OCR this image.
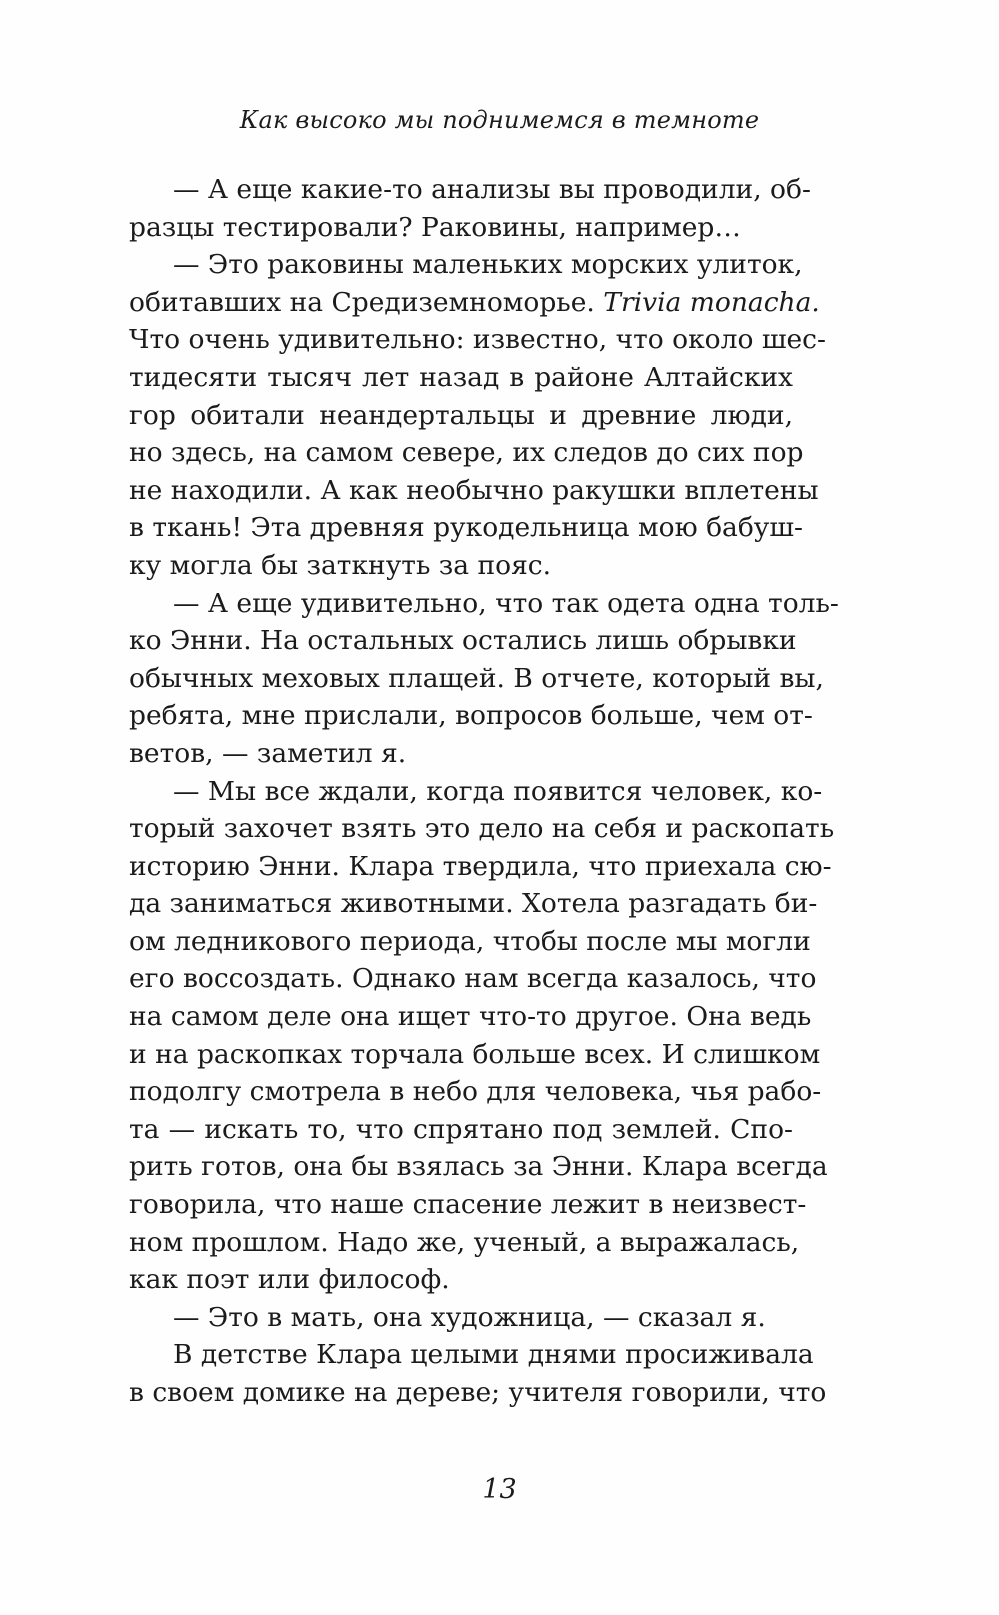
Как высоко мы поднимемся в темноте
— А еще какие-то анализы вы проводили, об-
разцы тестировали? Раковины, например…
— Это раковины маленьких морских улиток,
обитавших на Средиземноморье. Trivia monacha.
Что очень удивительно: известно, что около шес-
тидесяти тысяч лет назад в районе Алтайских
гор обитали неандертальцы и древние люди,
но здесь, на самом севере, их следов до сих пор
не находили. А как необычно ракушки вплетены
в ткань! Эта древняя рукодельница мою бабуш-
ку могла бы заткнуть за пояс.
— А еще удивительно, что так одета одна толь-
ко Энни. На остальных остались лишь обрывки
обычных меховых плащей. В отчете, который вы,
ребята, мне прислали, вопросов больше, чем от-
ветов, — заметил я.
— Мы все ждали, когда появится человек, ко-
торый захочет взять это дело на себя и раскопать
историю Энни. Клара твердила, что приехала сю-
да заниматься животными. Хотела разгадать би-
ом ледникового периода, чтобы после мы могли
его воссоздать. Однако нам всегда казалось, что
на самом деле она ищет что-то другое. Она ведь
и на раскопках торчала больше всех. И слишком
подолгу смотрела в небо для человека, чья рабо-
та — искать то, что спрятано под землей. Спо-
рить готов, она бы взялась за Энни. Клара всегда
говорила, что наше спасение лежит в неизвест-
ном прошлом. Надо же, ученый, а выражалась,
как поэт или философ.
— Это в мать, она художница, — сказал я.
В детстве Клара целыми днями просиживала
в своем домике на дереве; учителя говорили, что
13
